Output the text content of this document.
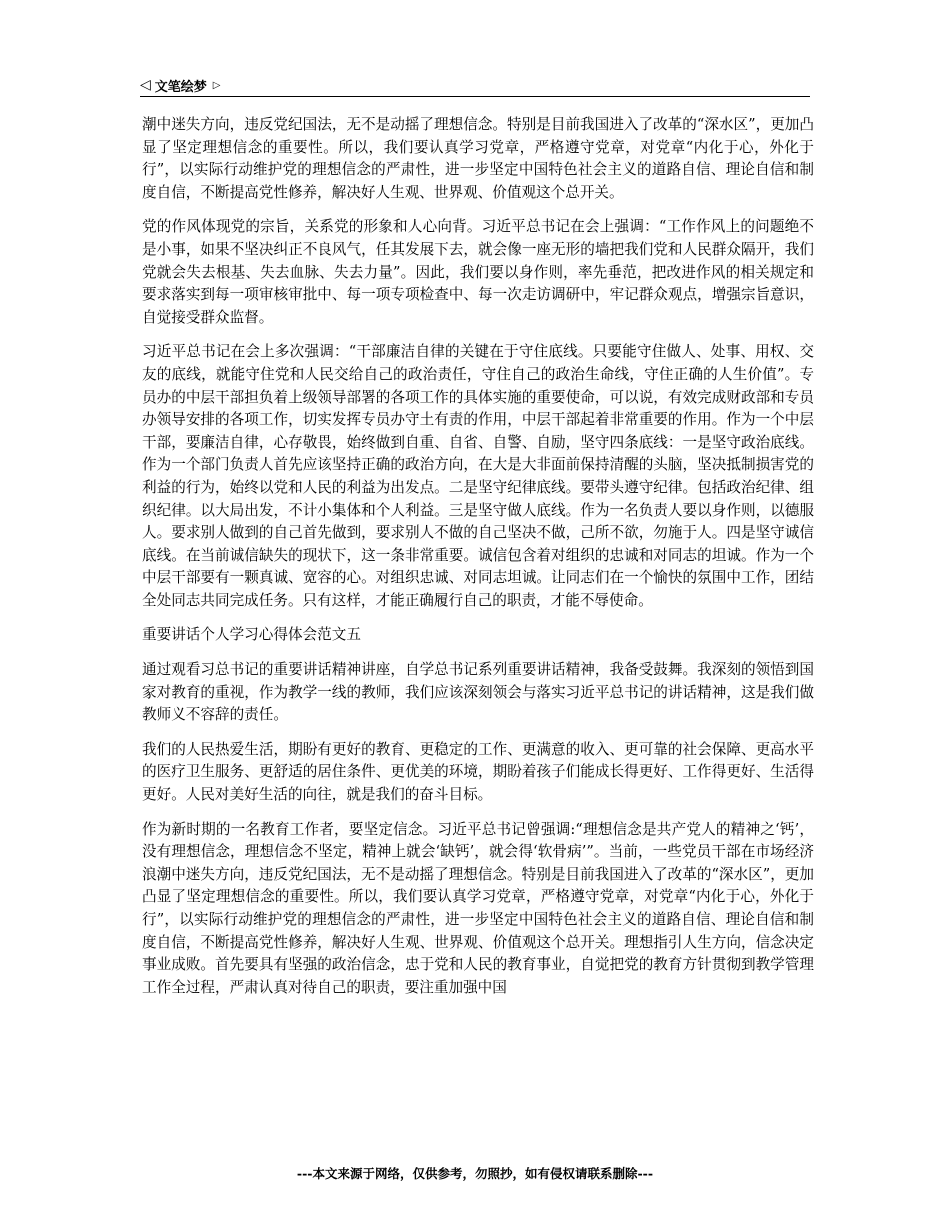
◁ 文笔绘梦 ▷

潮中迷失方向，违反党纪国法，无不是动摇了理想信念。特别是目前我国进入了改革的“深水区”，更加凸显了坚定理想信念的重要性。所以，我们要认真学习党章，严格遵守党章，对党章“内化于心，外化于行”，以实际行动维护党的理想信念的严肃性，进一步坚定中国特色社会主义的道路自信、理论自信和制度自信，不断提高党性修养，解决好人生观、世界观、价值观这个总开关。

党的作风体现党的宗旨，关系党的形象和人心向背。习近平总书记在会上强调：“工作作风上的问题绝不是小事，如果不坚决纠正不良风气，任其发展下去，就会像一座无形的墙把我们党和人民群众隔开，我们党就会失去根基、失去血脉、失去力量”。因此，我们要以身作则，率先垂范，把改进作风的相关规定和要求落实到每一项审核审批中、每一项专项检查中、每一次走访调研中，牢记群众观点，增强宗旨意识，自觉接受群众监督。

习近平总书记在会上多次强调：“干部廉洁自律的关键在于守住底线。只要能守住做人、处事、用权、交友的底线，就能守住党和人民交给自己的政治责任，守住自己的政治生命线，守住正确的人生价值”。专员办的中层干部担负着上级领导部署的各项工作的具体实施的重要使命，可以说，有效完成财政部和专员办领导安排的各项工作，切实发挥专员办守土有责的作用，中层干部起着非常重要的作用。作为一个中层干部，要廉洁自律，心存敬畏，始终做到自重、自省、自警、自励，坚守四条底线：一是坚守政治底线。作为一个部门负责人首先应该坚持正确的政治方向，在大是大非面前保持清醒的头脑，坚决抵制损害党的利益的行为，始终以党和人民的利益为出发点。二是坚守纪律底线。要带头遵守纪律。包括政治纪律、组织纪律。以大局出发，不计小集体和个人利益。三是坚守做人底线。作为一名负责人要以身作则，以德服人。要求别人做到的自己首先做到，要求别人不做的自己坚决不做，己所不欲，勿施于人。四是坚守诚信底线。在当前诚信缺失的现状下，这一条非常重要。诚信包含着对组织的忠诚和对同志的坦诚。作为一个中层干部要有一颗真诚、宽容的心。对组织忠诚、对同志坦诚。让同志们在一个愉快的氛围中工作，团结全处同志共同完成任务。只有这样，才能正确履行自己的职责，才能不辱使命。

重要讲话个人学习心得体会范文五

通过观看习总书记的重要讲话精神讲座，自学总书记系列重要讲话精神，我备受鼓舞。我深刻的领悟到国家对教育的重视，作为教学一线的教师，我们应该深刻领会与落实习近平总书记的讲话精神，这是我们做教师义不容辞的责任。

我们的人民热爱生活，期盼有更好的教育、更稳定的工作、更满意的收入、更可靠的社会保障、更高水平的医疗卫生服务、更舒适的居住条件、更优美的环境，期盼着孩子们能成长得更好、工作得更好、生活得更好。人民对美好生活的向往，就是我们的奋斗目标。

作为新时期的一名教育工作者，要坚定信念。习近平总书记曾强调:“理想信念是共产党人的精神之‘钙’，没有理想信念，理想信念不坚定，精神上就会‘缺钙’，就会得‘软骨病’”。当前，一些党员干部在市场经济浪潮中迷失方向，违反党纪国法，无不是动摇了理想信念。特别是目前我国进入了改革的“深水区”，更加凸显了坚定理想信念的重要性。所以，我们要认真学习党章，严格遵守党章，对党章“内化于心，外化于行”，以实际行动维护党的理想信念的严肃性，进一步坚定中国特色社会主义的道路自信、理论自信和制度自信，不断提高党性修养，解决好人生观、世界观、价值观这个总开关。理想指引人生方向，信念决定事业成败。首先要具有坚强的政治信念，忠于党和人民的教育事业，自觉把党的教育方针贯彻到教学管理工作全过程，严肃认真对待自己的职责，要注重加强中国

---本文来源于网络，仅供参考，勿照抄，如有侵权请联系删除---
